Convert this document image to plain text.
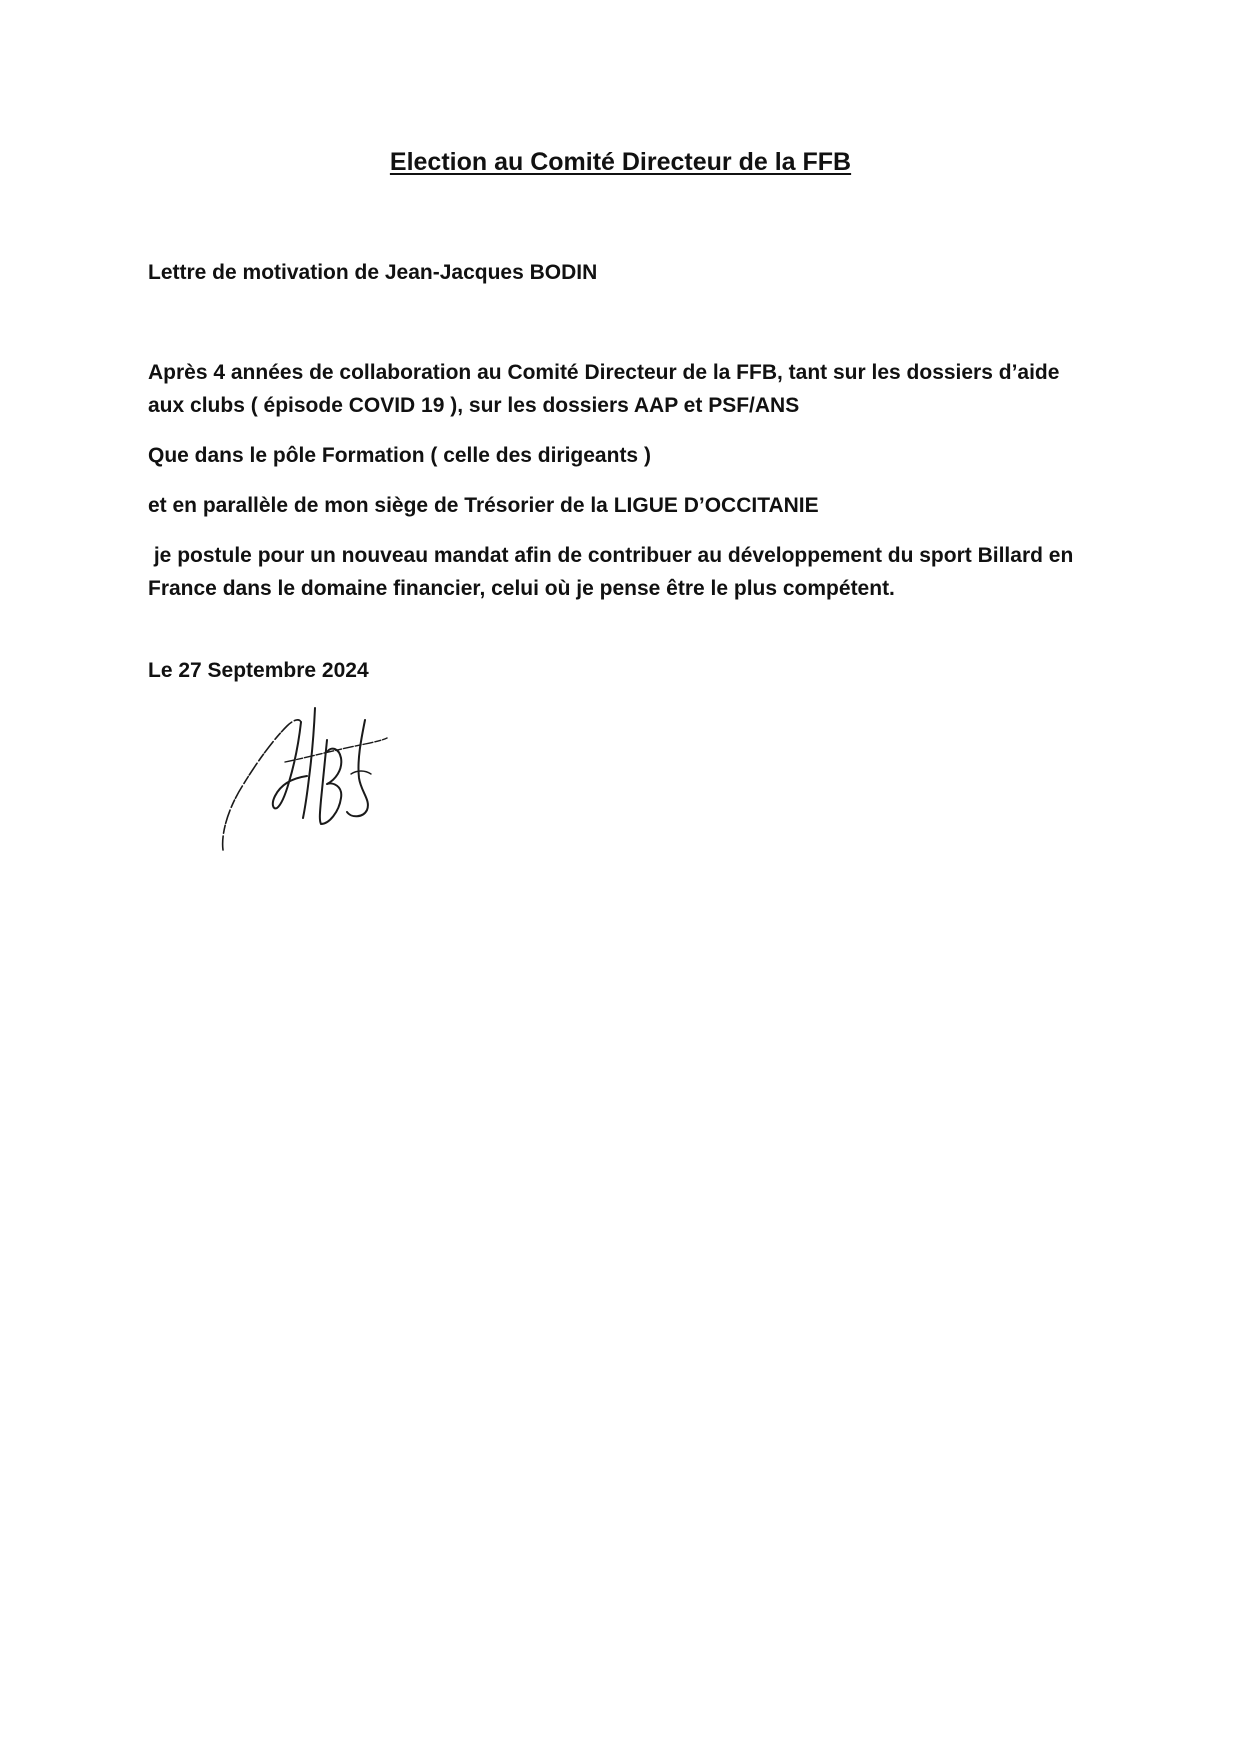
Election au Comité Directeur de la FFB

Lettre de motivation de Jean-Jacques BODIN

Après 4 années de collaboration au Comité Directeur de la FFB, tant sur les dossiers d’aide aux clubs ( épisode COVID 19 ), sur les dossiers AAP et PSF/ANS

Que dans le pôle Formation ( celle des dirigeants )

et en parallèle de mon siège de Trésorier de la LIGUE D’OCCITANIE

je postule pour un nouveau mandat afin de contribuer au développement du sport Billard en France dans le domaine financier, celui où je pense être le plus compétent.

Le 27 Septembre 2024
